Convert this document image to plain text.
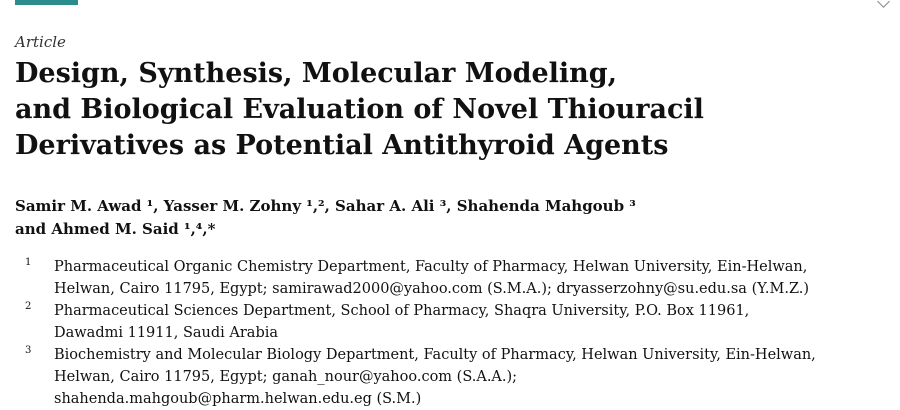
Article
Design, Synthesis, Molecular Modeling,
and Biological Evaluation of Novel Thiouracil
Derivatives as Potential Antithyroid Agents
Samir M. Awad ¹, Yasser M. Zohny ¹,², Sahar A. Ali ³, Shahenda Mahgoub ³
and Ahmed M. Said ¹,⁴,*
1 Pharmaceutical Organic Chemistry Department, Faculty of Pharmacy, Helwan University, Ein-Helwan,
Helwan, Cairo 11795, Egypt; samirawad2000@yahoo.com (S.M.A.); dryasserzohny@su.edu.sa (Y.M.Z.)
2 Pharmaceutical Sciences Department, School of Pharmacy, Shaqra University, P.O. Box 11961,
Dawadmi 11911, Saudi Arabia
3 Biochemistry and Molecular Biology Department, Faculty of Pharmacy, Helwan University, Ein-Helwan,
Helwan, Cairo 11795, Egypt; ganah_nour@yahoo.com (S.A.A.);
shahenda.mahgoub@pharm.helwan.edu.eg (S.M.)
